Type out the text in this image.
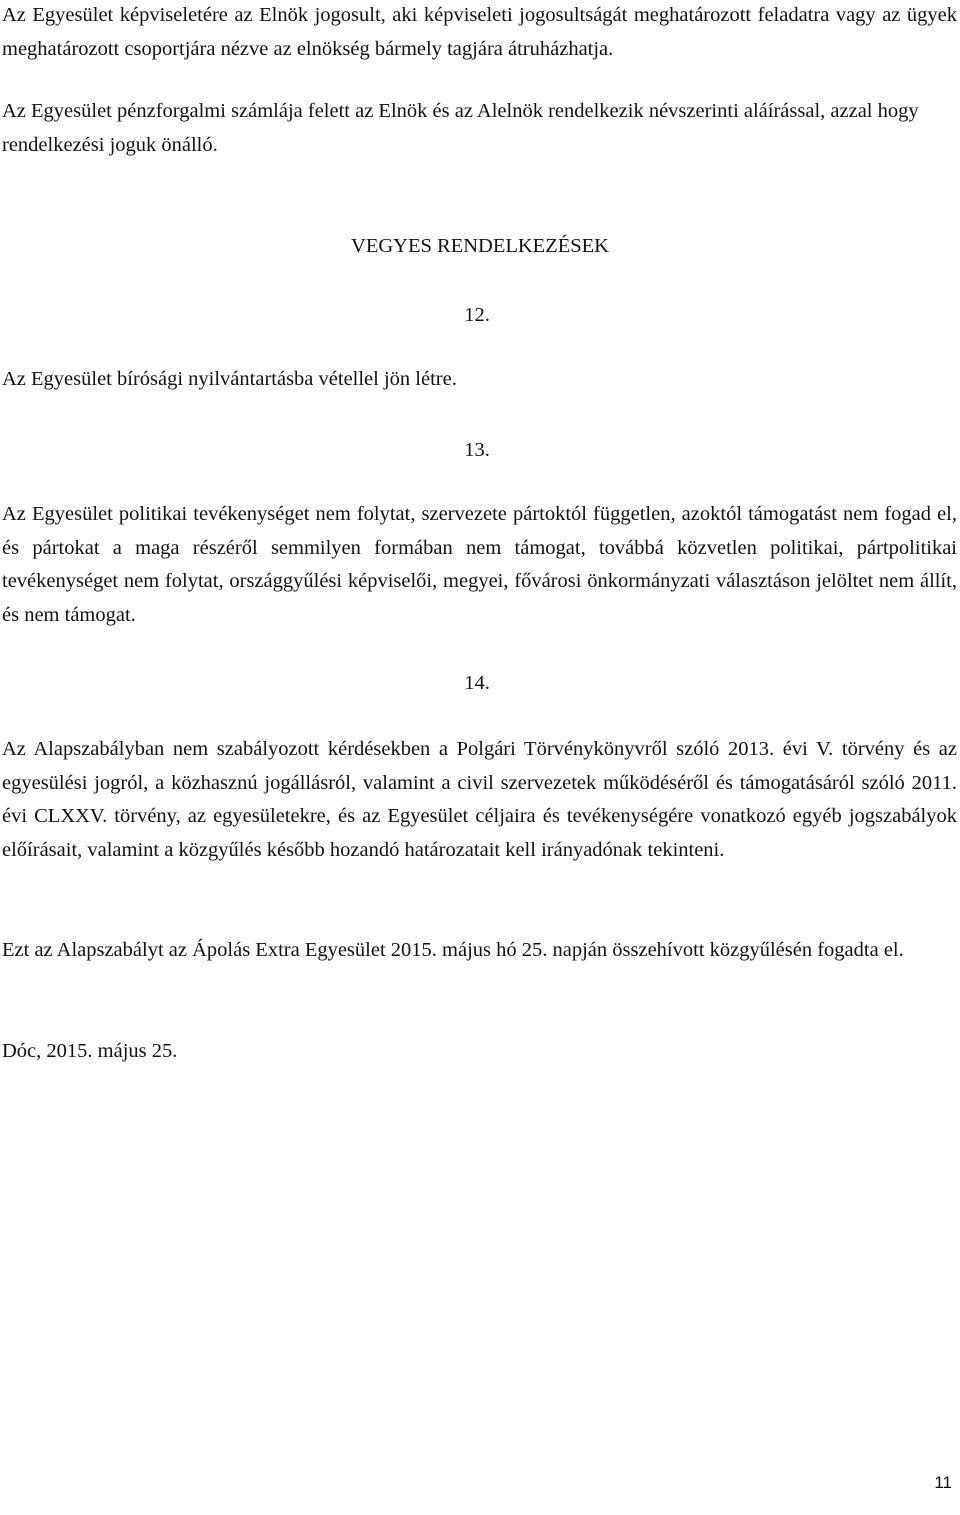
Az Egyesület képviseletére az Elnök jogosult, aki képviseleti jogosultságát meghatározott feladatra vagy az ügyek meghatározott csoportjára nézve az elnökség bármely tagjára átruházhatja.

Az Egyesület pénzforgalmi számlája felett az Elnök és az Alelnök rendelkezik névszerinti aláírással, azzal hogy rendelkezési joguk önálló.

VEGYES RENDELKEZÉSEK

12.

Az Egyesület bírósági nyilvántartásba vétellel jön létre.

13.

Az Egyesület politikai tevékenységet nem folytat, szervezete pártoktól független, azoktól támogatást nem fogad el, és pártokat a maga részéről semmilyen formában nem támogat, továbbá közvetlen politikai, pártpolitikai tevékenységet nem folytat, országgyűlési képviselői, megyei, fővárosi önkormányzati választáson jelöltet nem állít, és nem támogat.

14.

Az Alapszabályban nem szabályozott kérdésekben a Polgári Törvénykönyvről szóló 2013. évi V. törvény és az egyesülési jogról, a közhasznú jogállásról, valamint a civil szervezetek működéséről és támogatásáról szóló 2011. évi CLXXV. törvény, az egyesületekre, és az Egyesület céljaira és tevékenységére vonatkozó egyéb jogszabályok előírásait, valamint a közgyűlés később hozandó határozatait kell irányadónak tekinteni.

Ezt az Alapszabályt az Ápolás Extra Egyesület 2015. május hó 25. napján összehívott közgyűlésén fogadta el.

Dóc, 2015. május 25.

11
